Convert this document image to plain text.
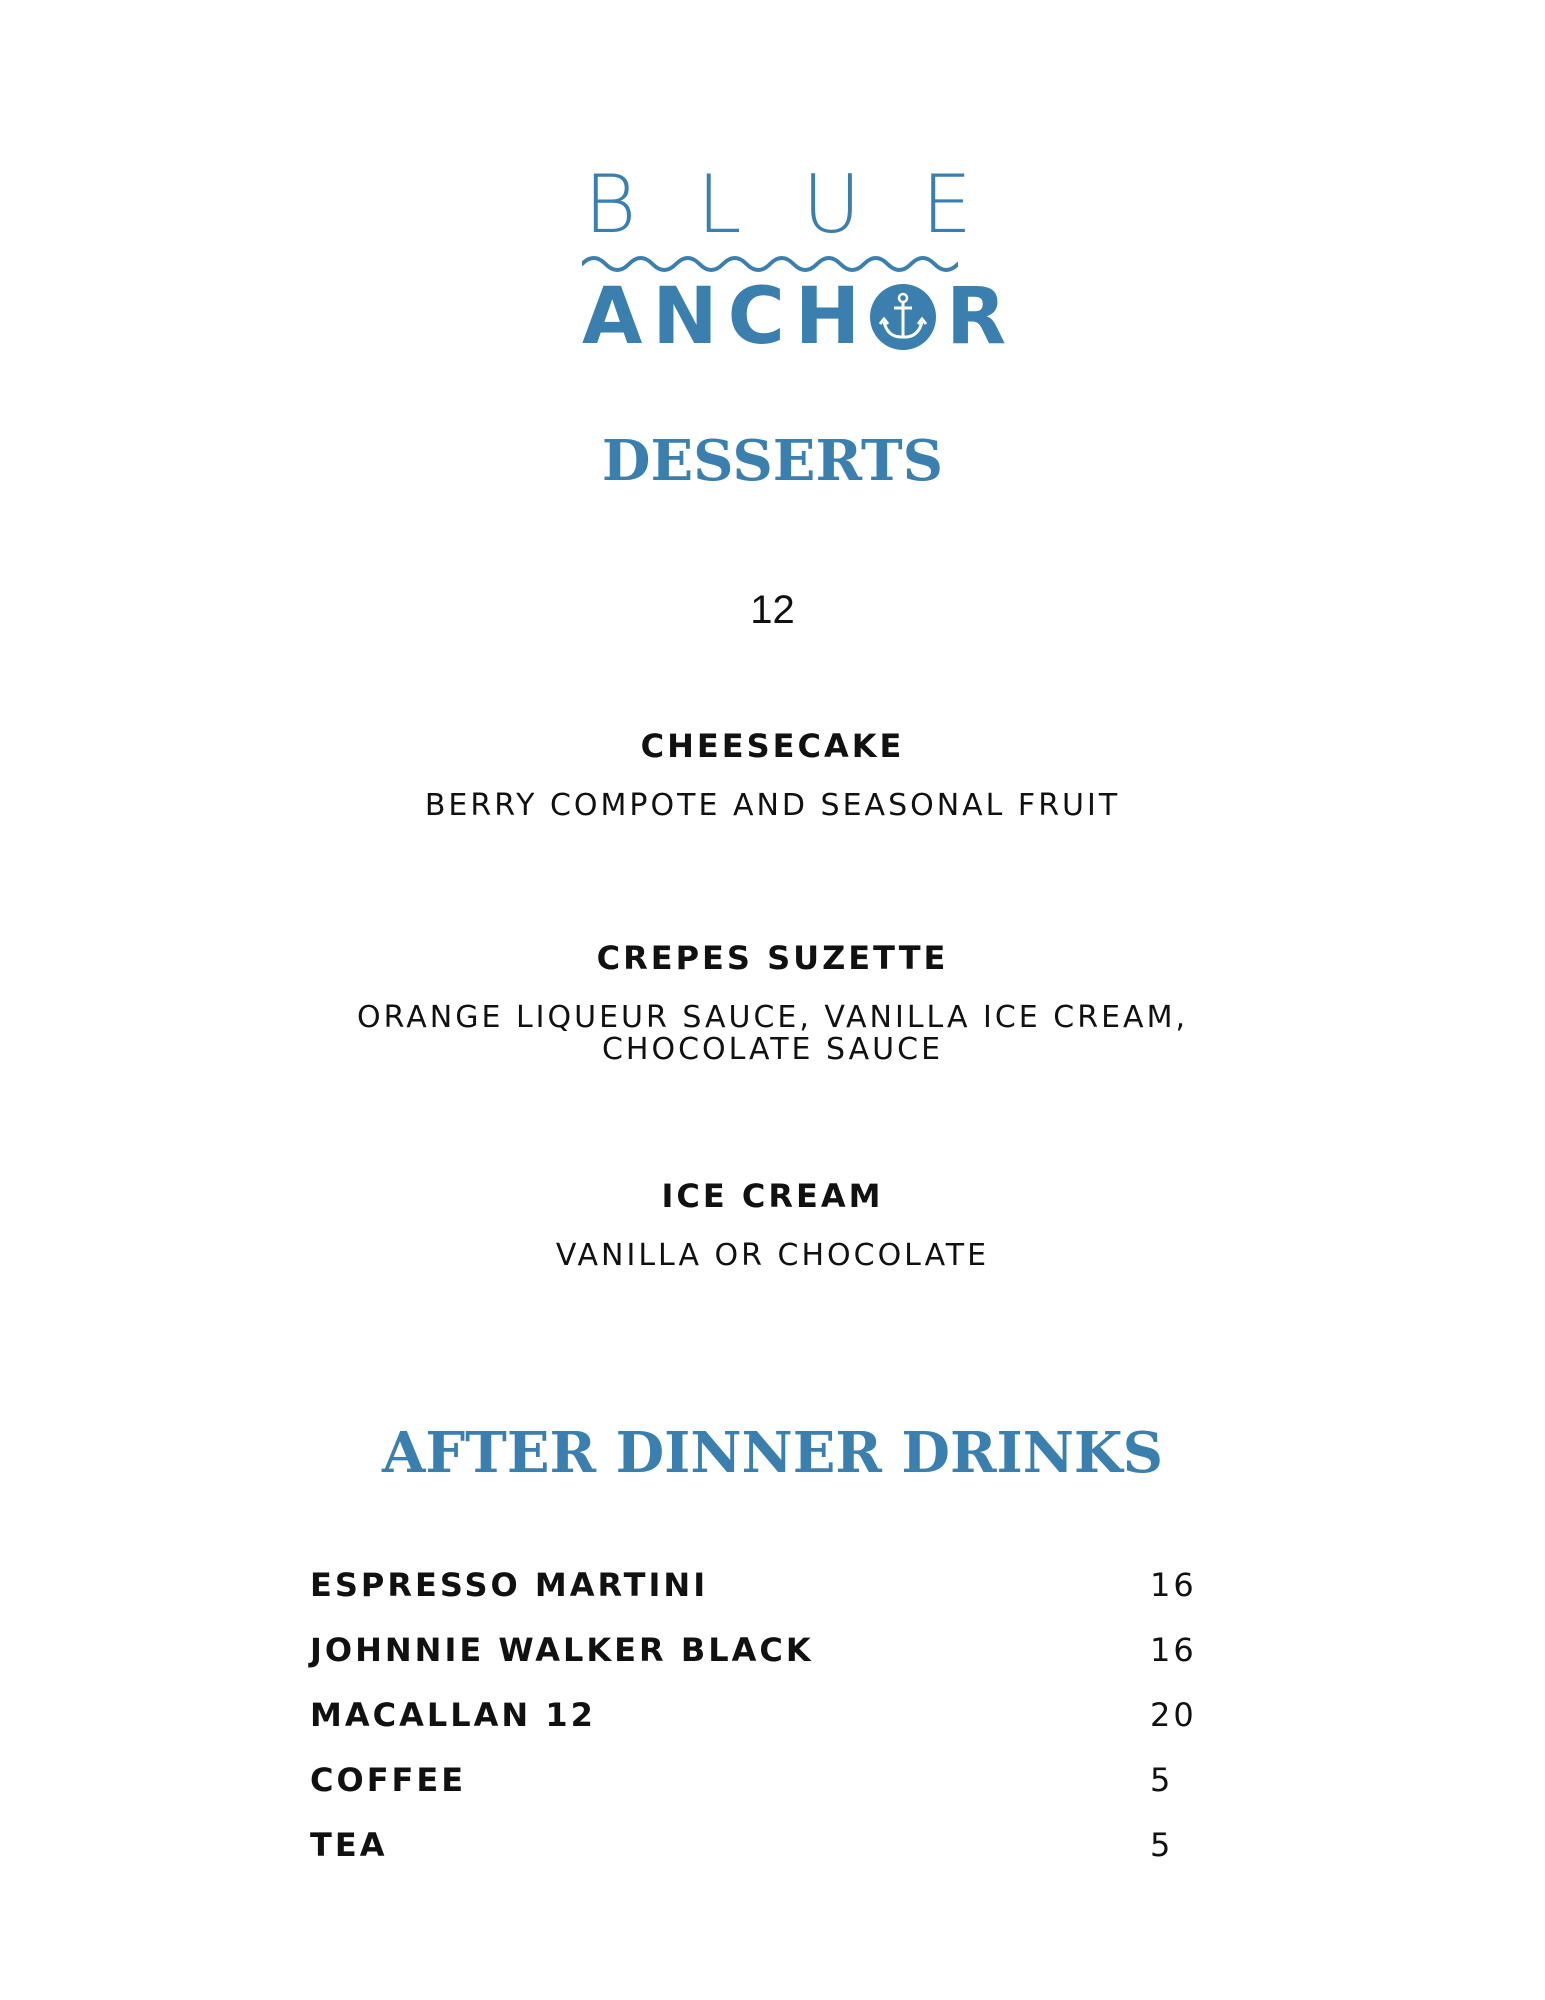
B L U E
ANCH R
DESSERTS
12
CHEESECAKE
BERRY COMPOTE AND SEASONAL FRUIT
CREPES SUZETTE
ORANGE LIQUEUR SAUCE, VANILLA ICE CREAM,
CHOCOLATE SAUCE
ICE CREAM
VANILLA OR CHOCOLATE
AFTER DINNER DRINKS
ESPRESSO MARTINI	16
JOHNNIE WALKER BLACK	16
MACALLAN 12	20
COFFEE	5
TEA	5
